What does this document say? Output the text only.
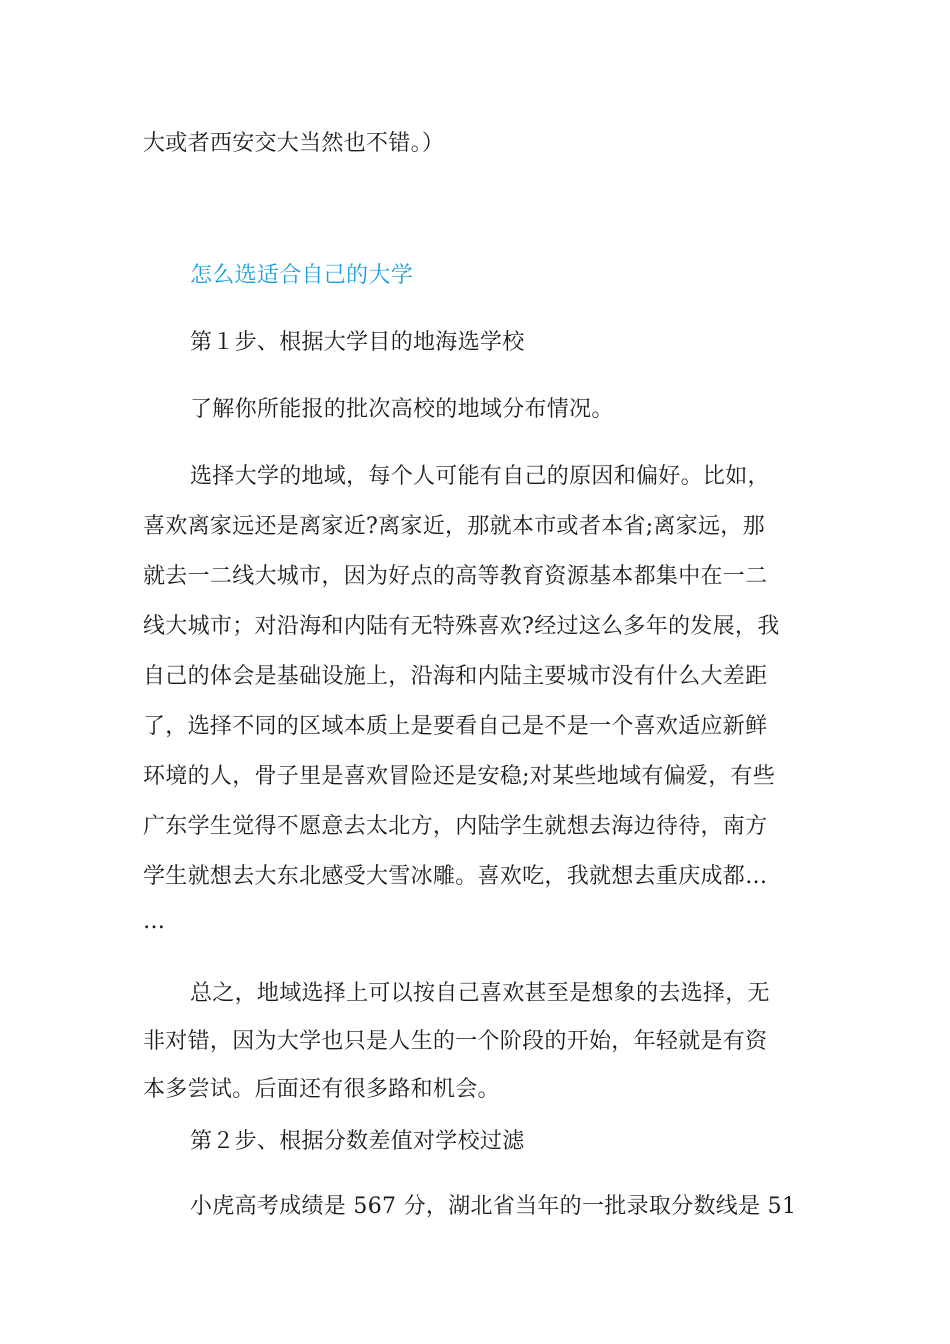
大或者西安交大当然也不错。）
怎么选适合自己的大学
第１步、根据大学目的地海选学校
了解你所能报的批次高校的地域分布情况。
选择大学的地域，每个人可能有自己的原因和偏好。比如，
喜欢离家远还是离家近?离家近，那就本市或者本省;离家远，那
就去一二线大城市，因为好点的高等教育资源基本都集中在一二
线大城市；对沿海和内陆有无特殊喜欢?经过这么多年的发展，我
自己的体会是基础设施上，沿海和内陆主要城市没有什么大差距
了，选择不同的区域本质上是要看自己是不是一个喜欢适应新鲜
环境的人，骨子里是喜欢冒险还是安稳;对某些地域有偏爱，有些
广东学生觉得不愿意去太北方，内陆学生就想去海边待待，南方
学生就想去大东北感受大雪冰雕。喜欢吃，我就想去重庆成都…
…
总之，地域选择上可以按自己喜欢甚至是想象的去选择，无
非对错，因为大学也只是人生的一个阶段的开始，年轻就是有资
本多尝试。后面还有很多路和机会。
第２步、根据分数差值对学校过滤
小虎高考成绩是 567 分，湖北省当年的一批录取分数线是 51
